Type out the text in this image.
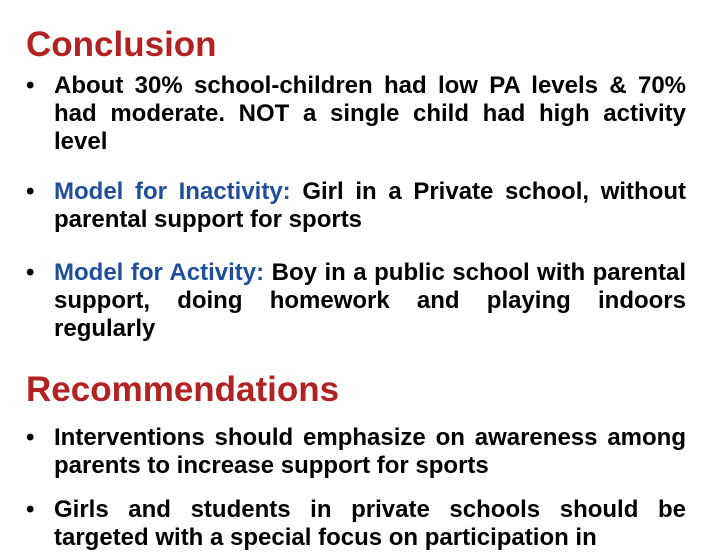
Conclusion
• About 30% school-children had low PA levels & 70% had moderate. NOT a single child had high activity level
• Model for Inactivity: Girl in a Private school, without parental support for sports
• Model for Activity: Boy in a public school with parental support, doing homework and playing indoors regularly
Recommendations
• Interventions should emphasize on awareness among parents to increase support for sports
• Girls and students in private schools should be targeted with a special focus on participation in
